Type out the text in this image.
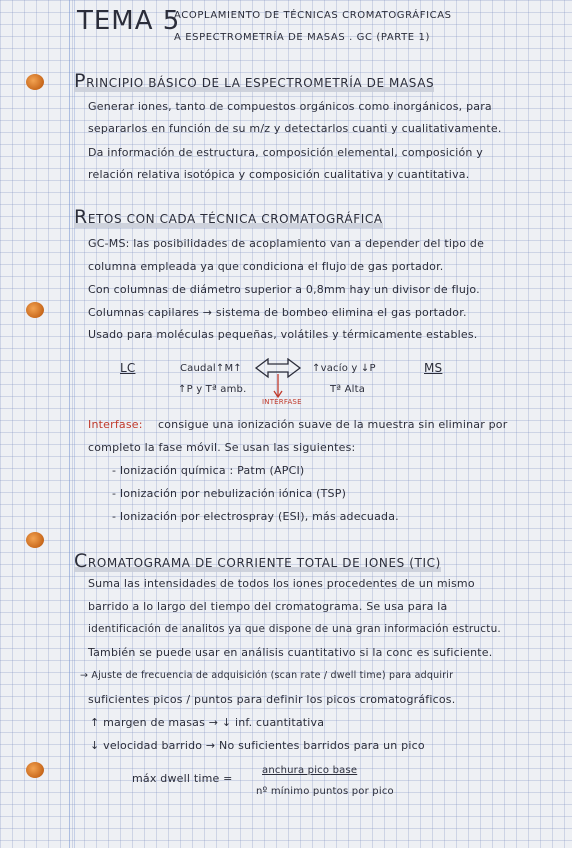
TEMA 5
ACOPLAMIENTO DE TÉCNICAS CROMATOGRÁFICAS
A ESPECTROMETRÍA DE MASAS . GC (PARTE 1)
PRINCIPIO BÁSICO DE LA ESPECTROMETRÍA DE MASAS
Generar iones, tanto de compuestos orgánicos como inorgánicos, para
separarlos en función de su m/z y detectarlos cuanti y cualitativamente.
Da información de estructura, composición elemental, composición y
relación relativa isotópica y composición cualitativa y cuantitativa.
RETOS CON CADA TÉCNICA CROMATOGRÁFICA
GC-MS: las posibilidades de acoplamiento van a depender del tipo de
columna empleada ya que condiciona el flujo de gas portador.
Con columnas de diámetro superior a 0,8mm hay un divisor de flujo.
Columnas capilares → sistema de bombeo elimina el gas portador.
Usado para moléculas pequeñas, volátiles y térmicamente estables.
LC	MS
Caudal↑M↑
↑P y Tª amb.
↑vacío y ↓P
Tª Alta
INTERFASE
Interfase: consigue una ionización suave de la muestra sin eliminar por
completo la fase móvil. Se usan las siguientes:
- Ionización química : Patm (APCI)
- Ionización por nebulización iónica (TSP)
- Ionización por electrospray (ESI), más adecuada.
CROMATOGRAMA DE CORRIENTE TOTAL DE IONES (TIC)
Suma las intensidades de todos los iones procedentes de un mismo
barrido a lo largo del tiempo del cromatograma. Se usa para la
identificación de analitos ya que dispone de una gran información estructu.
También se puede usar en análisis cuantitativo si la conc es suficiente.
→ Ajuste de frecuencia de adquisición (scan rate / dwell time) para adquirir
suficientes picos / puntos para definir los picos cromatográficos.
↑ margen de masas → ↓ inf. cuantitativa
↓ velocidad barrido → No suficientes barridos para un pico
máx dwell time =
anchura pico base
nº mínimo puntos por pico
